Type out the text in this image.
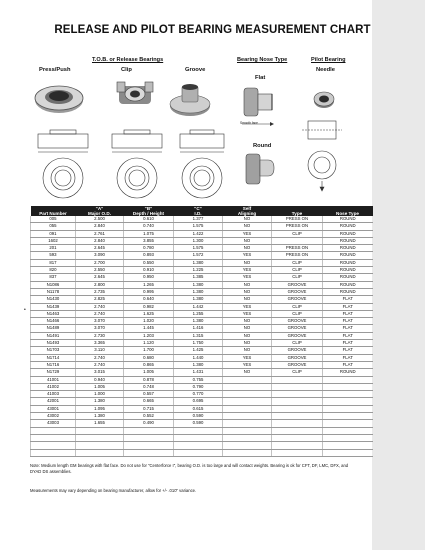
RELEASE AND PILOT BEARING MEASUREMENT CHART
T.O.B. or Release Bearings	Bearing Nose Type	Pilot Bearing
Press/Push	Clip	Groove
Flat
Needle
Round
Smooth face
	"A"	"B"	"C"	Self		
Part Number	Major O.D.	Depth / Height	I.D.	Aligning	Type	Nose Type
005	2.500	0.610	1.377	NO	PRESS ON	ROUND
055	2.840	0.740	1.575	NO	PRESS ON	ROUND
091	2.761	1.075	1.422	YES	CLIP	ROUND
1602	2.840	3.855	1.300	NO		ROUND
201	2.645	0.780	1.575	NO	PRESS ON	ROUND
593	3.090	0.893	1.572	YES	PRESS ON	ROUND
817	2.700	0.550	1.380	NO	CLIP	ROUND
820	2.550	0.910	1.225	YES	CLIP	ROUND
837	2.645	0.950	1.385	YES	CLIP	ROUND
N1086	2.800	1.265	1.380	NO	GROOVE	ROUND
N1178	2.735	0.995	1.380	NO	GROOVE	ROUND
N1430	2.825	0.640	1.380	NO	GROOVE	FLAT
N1439	2.740	0.982	1.442	YES	CLIP	FLAT
N1463	2.740	1.625	1.255	YES	CLIP	FLAT
N1466	3.070	1.020	1.380	NO	GROOVE	FLAT
N1489	3.070	1.445	1.416	NO	GROOVE	FLAT
N1491	2.730	1.203	1.315	NO	GROOVE	FLAT
N1493	3.365	1.120	1.750	NO	CLIP	FLAT
N1703	3.110	1.700	1.425	NO	GROOVE	FLAT
N1714	2.740	0.680	1.440	YES	GROOVE	FLAT
N1716	2.740	0.865	1.380	YES	GROOVE	FLAT
N1729	3.015	1.005	1.431	NO	CLIP	ROUND
41001	0.940	0.878	0.755			
41002	1.005	0.748	0.790			
41003	1.000	0.557	0.770			
42001	1.380	0.665	0.695			
43001	1.095	0.715	0.615			
43002	1.380	0.552	0.590			
43003	1.655	0.490	0.590			

•
Note: Medium length GM bearings with flat face. Do not use for "Centerforce I", bearing O.D. is too large and will contact weights. Bearing is ok for CFT, DF, LMC, DFX, and DYAD DS assemblies.
Measurements may vary depending on bearing manufacturer, allow for +/- .010" variance.
